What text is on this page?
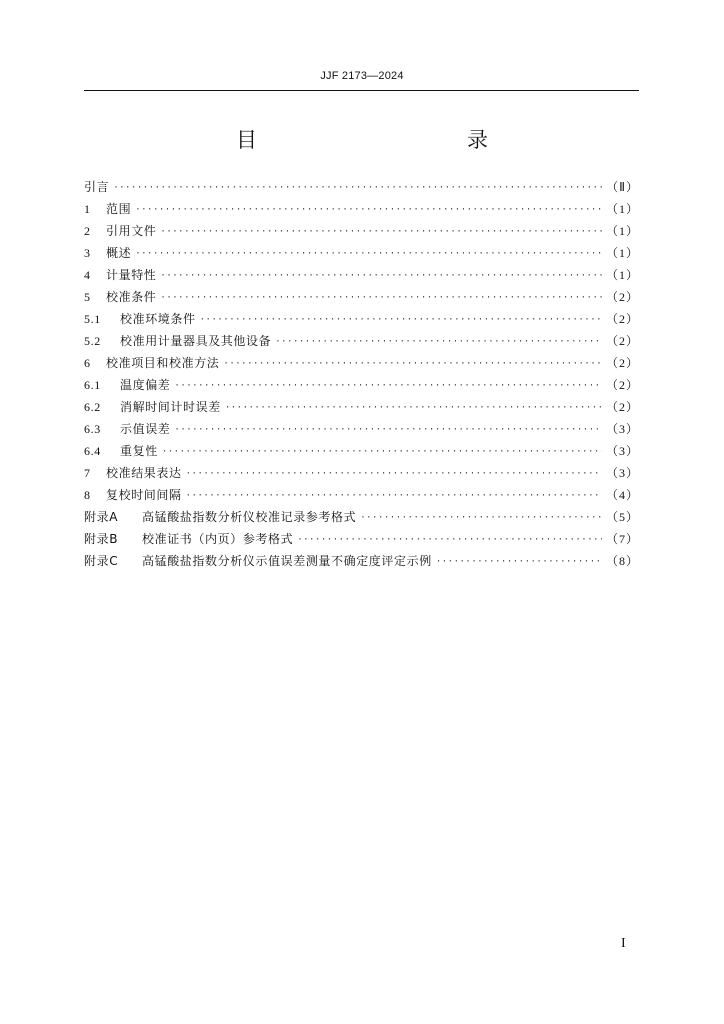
JJF 2173—2024
目　　录
引言 ·····	（Ⅱ）
1 范围 ·····	（1）
2 引用文件 ·····	（1）
3 概述 ·····	（1）
4 计量特性 ·····	（1）
5 校准条件 ·····	（2）
5.1 校准环境条件 ·····	（2）
5.2 校准用计量器具及其他设备 ·····	（2）
6 校准项目和校准方法 ·····	（2）
6.1 温度偏差 ·····	（2）
6.2 消解时间计时误差 ·····	（2）
6.3 示值误差 ·····	（3）
6.4 重复性 ·····	（3）
7 校准结果表达 ·····	（3）
8 复校时间间隔 ·····	（4）
附录A 高锰酸盐指数分析仪校准记录参考格式 ·····	（5）
附录B 校准证书（内页）参考格式 ·····	（7）
附录C 高锰酸盐指数分析仪示值误差测量不确定度评定示例 ·····	（8）
I
